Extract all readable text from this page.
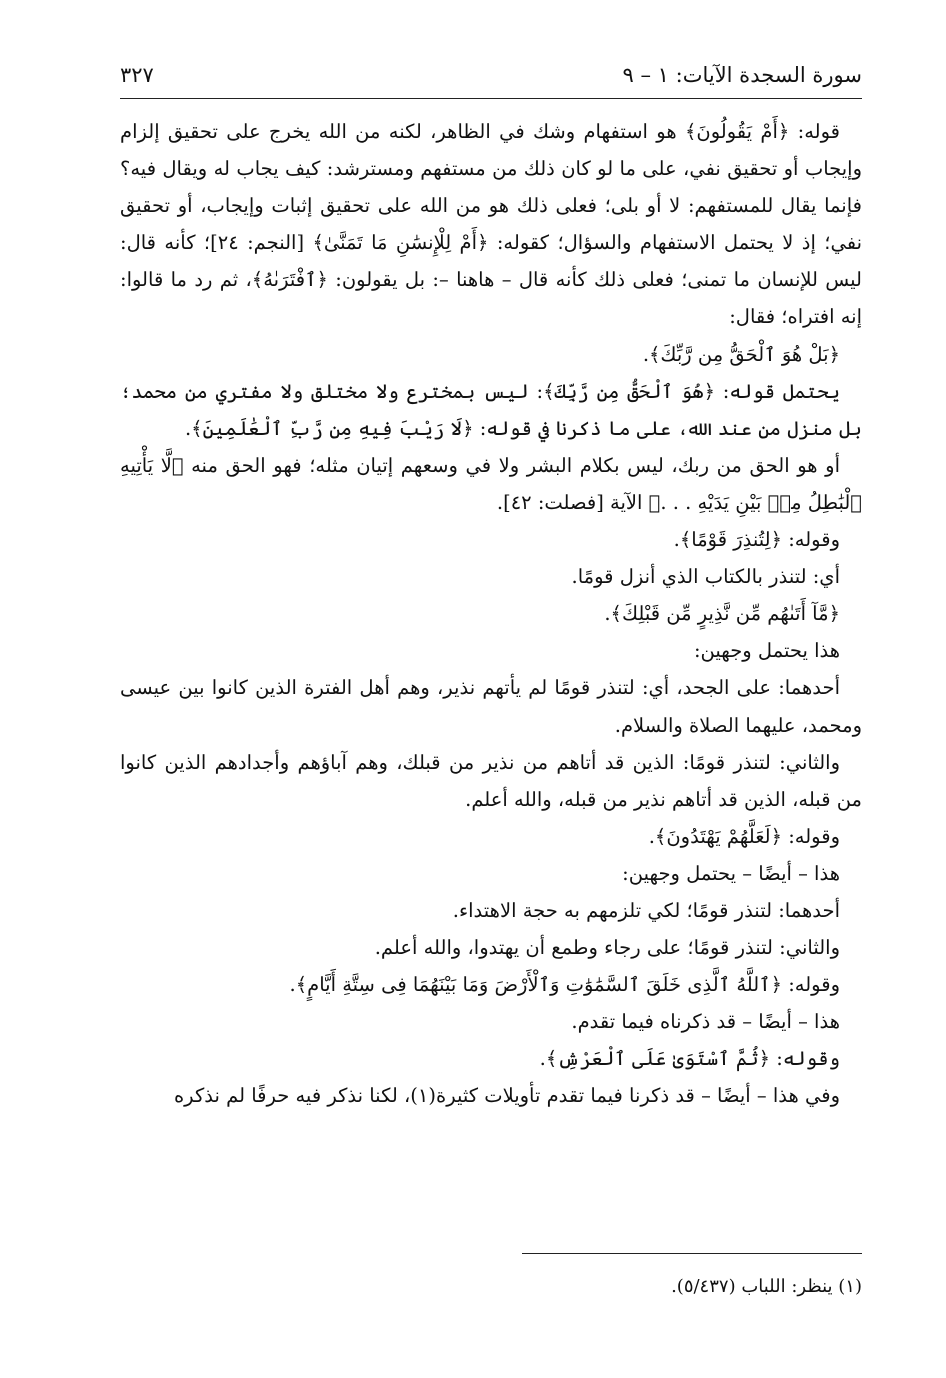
سورة السجدة الآيات: ١ – ٩
٣٢٧

قوله: ﴿أَمْ يَقُولُونَ﴾ هو استفهام وشك في الظاهر، لكنه من الله يخرج على تحقيق إلزام وإيجاب أو تحقيق نفي، على ما لو كان ذلك من مستفهم ومسترشد: كيف يجاب له ويقال فيه؟ فإنما يقال للمستفهم: لا أو بلى؛ فعلى ذلك هو من الله على تحقيق إثبات وإيجاب، أو تحقيق نفي؛ إذ لا يحتمل الاستفهام والسؤال؛ كقوله: ﴿أَمْ لِلْإِنسَٰنِ مَا تَمَنَّىٰ﴾ [النجم: ٢٤]؛ كأنه قال: ليس للإنسان ما تمنى؛ فعلى ذلك كأنه قال – هاهنا –: بل يقولون: ﴿ٱفْتَرَىٰهُ﴾، ثم رد ما قالوا: إنه افتراه؛ فقال:

﴿بَلْ هُوَ ٱلْحَقُّ مِن رَّبِّكَ﴾.

يحتمل قوله: ﴿هُوَ ٱلْحَقُّ مِن رَّبِّكَ﴾: ليس بمخترع ولا مختلق ولا مفتري من محمد؛ بل منزل من عند الله، على ما ذكرنا في قوله: ﴿لَا رَيْبَ فِيهِ مِن رَّبِّ ٱلْعَٰلَمِينَ﴾.

أو هو الحق من ربك، ليس بكلام البشر ولا في وسعهم إتيان مثله؛ فهو الحق منه ﴿لَّا يَأْتِيهِ ٱلْبَٰطِلُ مِنۢ بَيْنِ يَدَيْهِ . . .﴾ الآية [فصلت: ٤٢].

وقوله: ﴿لِتُنذِرَ قَوْمًا﴾.

أي: لتنذر بالكتاب الذي أنزل قومًا.

﴿مَّآ أَتَىٰهُم مِّن نَّذِيرٍ مِّن قَبْلِكَ﴾.

هذا يحتمل وجهين:

أحدهما: على الجحد، أي: لتنذر قومًا لم يأتهم نذير، وهم أهل الفترة الذين كانوا بين عيسى ومحمد، عليهما الصلاة والسلام.

والثاني: لتنذر قومًا: الذين قد أتاهم من نذير من قبلك، وهم آباؤهم وأجدادهم الذين كانوا من قبله، الذين قد أتاهم نذير من قبله، والله أعلم.

وقوله: ﴿لَعَلَّهُمْ يَهْتَدُونَ﴾.

هذا – أيضًا – يحتمل وجهين:

أحدهما: لتنذر قومًا؛ لكي تلزمهم به حجة الاهتداء.

والثاني: لتنذر قومًا؛ على رجاء وطمع أن يهتدوا، والله أعلم.

وقوله: ﴿ٱللَّهُ ٱلَّذِى خَلَقَ ٱلسَّمَٰوَٰتِ وَٱلْأَرْضَ وَمَا بَيْنَهُمَا فِى سِتَّةِ أَيَّامٍ﴾.

هذا – أيضًا – قد ذكرناه فيما تقدم.

وقوله: ﴿ثُمَّ ٱسْتَوَىٰ عَلَى ٱلْعَرْشِ﴾.

وفي هذا – أيضًا – قد ذكرنا فيما تقدم تأويلات كثيرة(١)، لكنا نذكر فيه حرفًا لم نذكره

(١) ينظر: اللباب (٥/٤٣٧).
